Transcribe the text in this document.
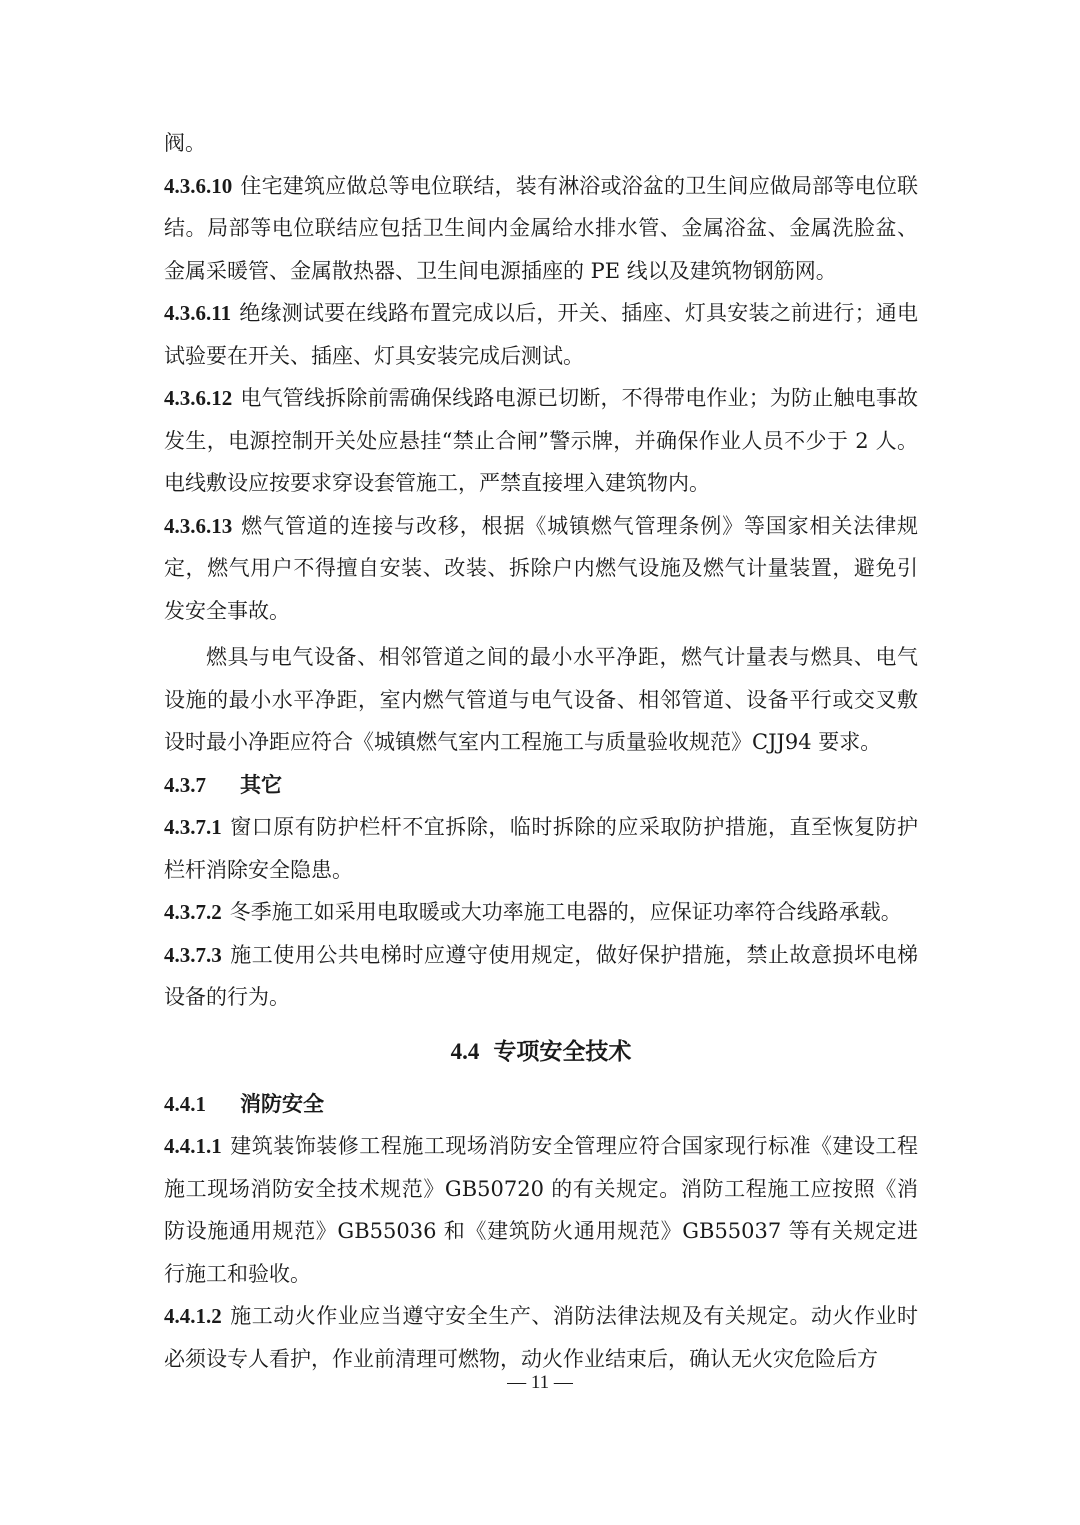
阀。

4.3.6.10 住宅建筑应做总等电位联结，装有淋浴或浴盆的卫生间应做局部等电位联结。局部等电位联结应包括卫生间内金属给水排水管、金属浴盆、金属洗脸盆、金属采暖管、金属散热器、卫生间电源插座的 PE 线以及建筑物钢筋网。

4.3.6.11 绝缘测试要在线路布置完成以后，开关、插座、灯具安装之前进行；通电试验要在开关、插座、灯具安装完成后测试。

4.3.6.12 电气管线拆除前需确保线路电源已切断，不得带电作业；为防止触电事故发生，电源控制开关处应悬挂“禁止合闸”警示牌，并确保作业人员不少于 2 人。电线敷设应按要求穿设套管施工，严禁直接埋入建筑物内。

4.3.6.13 燃气管道的连接与改移，根据《城镇燃气管理条例》等国家相关法律规定，燃气用户不得擅自安装、改装、拆除户内燃气设施及燃气计量装置，避免引发安全事故。

燃具与电气设备、相邻管道之间的最小水平净距，燃气计量表与燃具、电气设施的最小水平净距，室内燃气管道与电气设备、相邻管道、设备平行或交叉敷设时最小净距应符合《城镇燃气室内工程施工与质量验收规范》CJJ94 要求。

4.3.7 其它

4.3.7.1 窗口原有防护栏杆不宜拆除，临时拆除的应采取防护措施，直至恢复防护栏杆消除安全隐患。

4.3.7.2 冬季施工如采用电取暖或大功率施工电器的，应保证功率符合线路承载。

4.3.7.3 施工使用公共电梯时应遵守使用规定，做好保护措施，禁止故意损坏电梯设备的行为。

4.4 专项安全技术

4.4.1 消防安全

4.4.1.1 建筑装饰装修工程施工现场消防安全管理应符合国家现行标准《建设工程施工现场消防安全技术规范》GB50720 的有关规定。消防工程施工应按照《消防设施通用规范》GB55036 和《建筑防火通用规范》GB55037 等有关规定进行施工和验收。

4.4.1.2 施工动火作业应当遵守安全生产、消防法律法规及有关规定。动火作业时必须设专人看护，作业前清理可燃物，动火作业结束后，确认无火灾危险后方

— 11 —
